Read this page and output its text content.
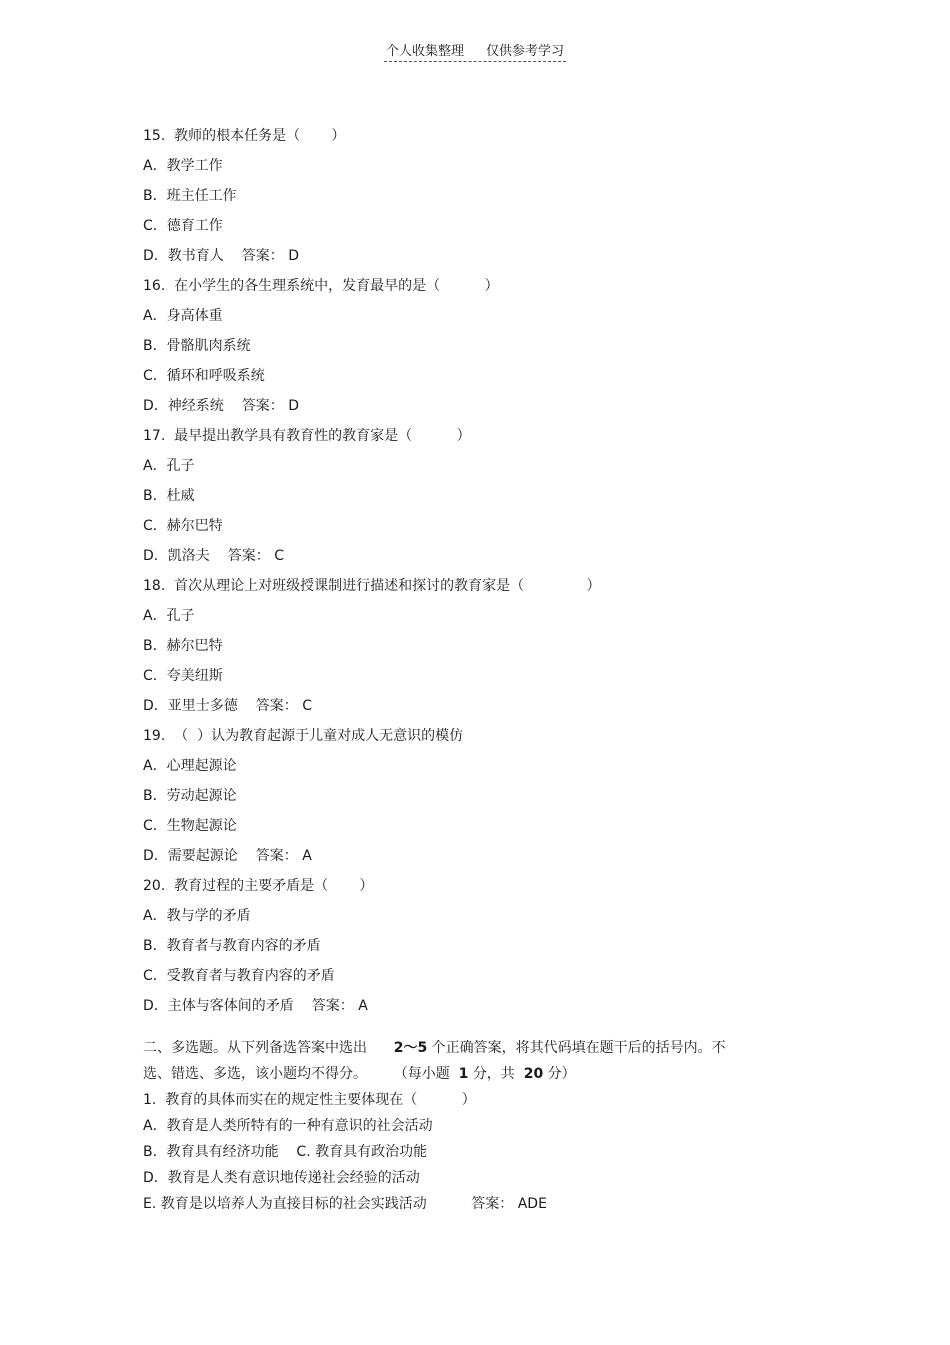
个人收集整理 仅供参考学习
15.  教师的根本任务是（       ）
A．教学工作
B．班主任工作
C．德育工作
D．教书育人 答案： D
16.  在小学生的各生理系统中，发育最早的是（          ）
A．身高体重
B．骨骼肌肉系统
C．循环和呼吸系统
D．神经系统 答案： D
17.  最早提出教学具有教育性的教育家是（          ）
A．孔子
B．杜威
C．赫尔巴特
D．凯洛夫 答案： C
18.  首次从理论上对班级授课制进行描述和探讨的教育家是（              ）
A．孔子
B．赫尔巴特
C．夸美纽斯
D．亚里士多德 答案： C
19.  （  ）认为教育起源于儿童对成人无意识的模仿
A．心理起源论
B．劳动起源论
C．生物起源论
D．需要起源论 答案： A
20.  教育过程的主要矛盾是（       ）
A．教与学的矛盾
B．教育者与教育内容的矛盾
C．受教育者与教育内容的矛盾
D．主体与客体间的矛盾 答案： A
二、多选题。从下列备选答案中选出 2～5 个正确答案，将其代码填在题干后的括号内。不
选、错选、多选，该小题均不得分。 （每小题 1 分，共 20 分）
1.  教育的具体而实在的规定性主要体现在（          ）
A．教育是人类所特有的一种有意识的社会活动
B．教育具有经济功能 C. 教育具有政治功能
D．教育是人类有意识地传递社会经验的活动
E. 教育是以培养人为直接目标的社会实践活动	答案： ADE
